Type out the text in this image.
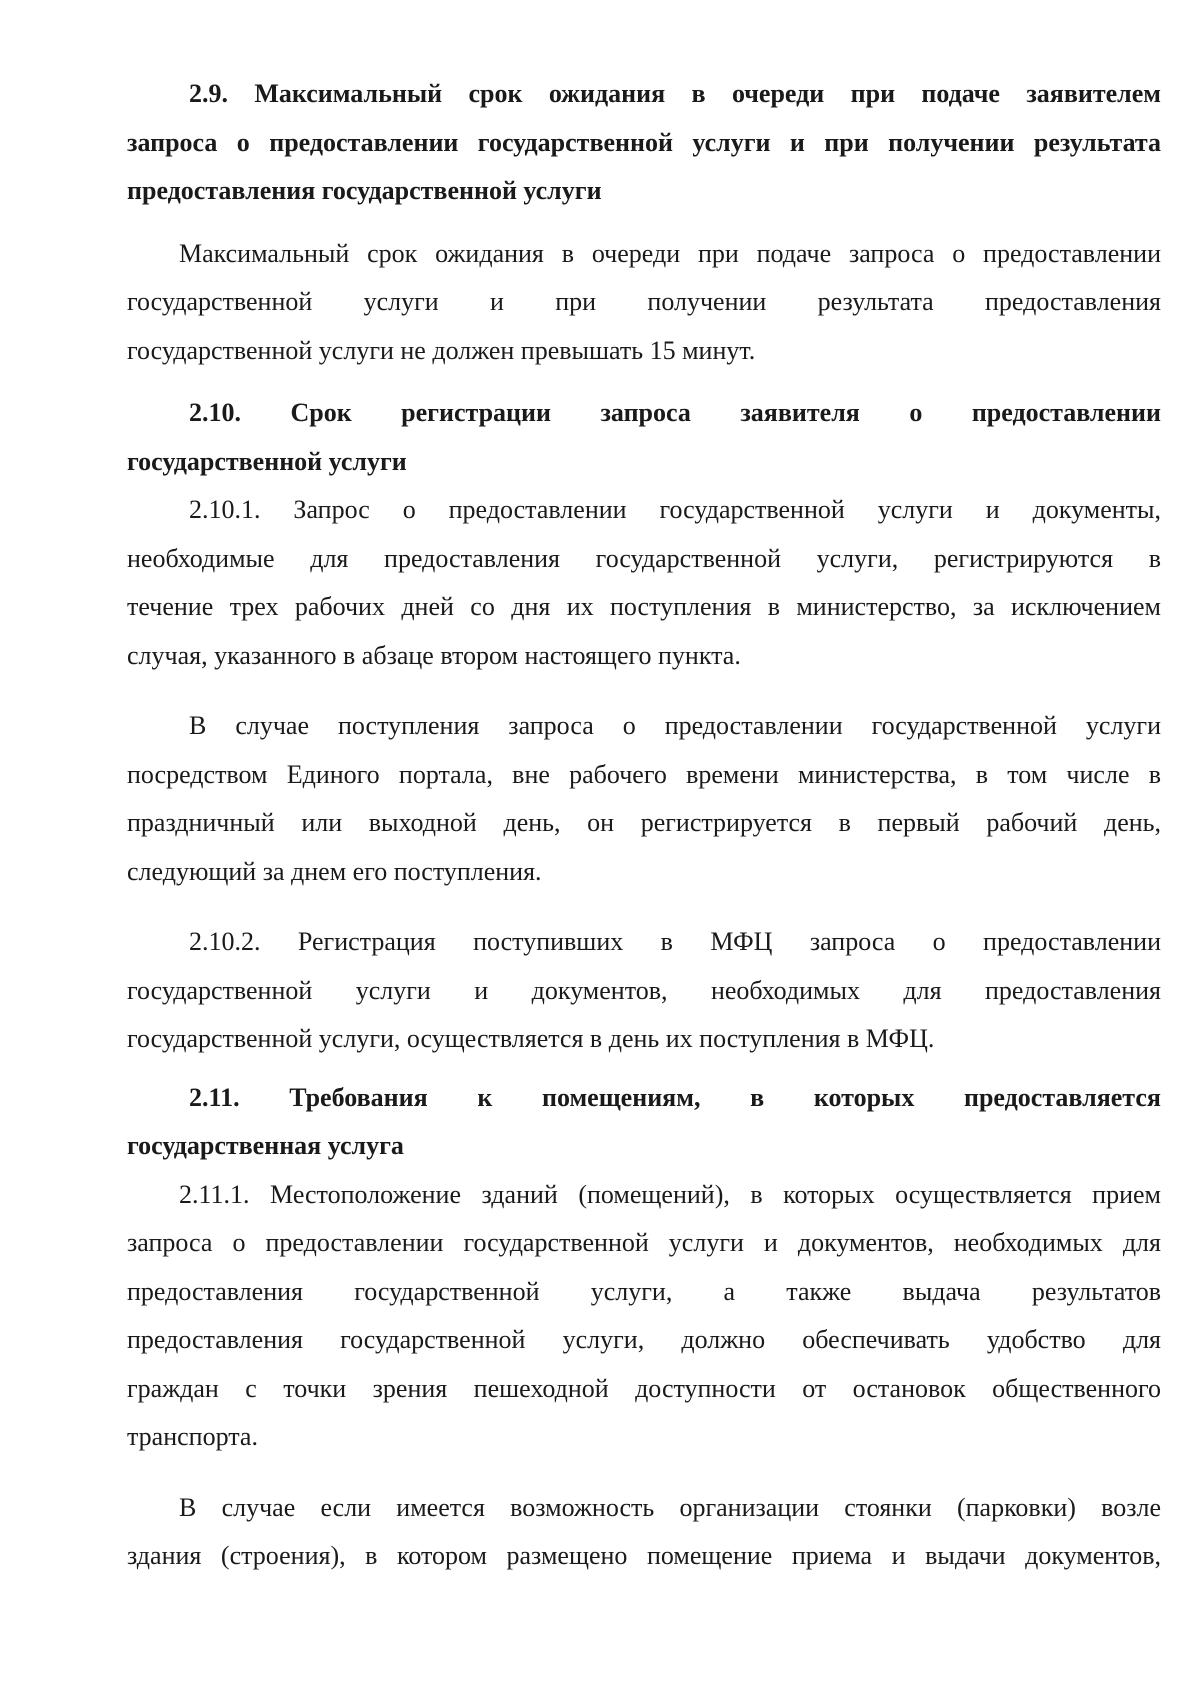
2.9. Максимальный срок ожидания в очереди при подаче заявителем
запроса о предоставлении государственной услуги и при получении результата
предоставления государственной услуги
Максимальный срок ожидания в очереди при подаче запроса о предоставлении
государственной услуги и при получении результата предоставления
государственной услуги не должен превышать 15 минут.
2.10. Срок регистрации запроса заявителя о предоставлении
государственной услуги
2.10.1. Запрос о предоставлении государственной услуги и документы,
необходимые для предоставления государственной услуги, регистрируются в
течение трех рабочих дней со дня их поступления в министерство, за исключением
случая, указанного в абзаце втором настоящего пункта.
В случае поступления запроса о предоставлении государственной услуги
посредством Единого портала, вне рабочего времени министерства, в том числе в
праздничный или выходной день, он регистрируется в первый рабочий день,
следующий за днем его поступления.
2.10.2. Регистрация поступивших в МФЦ запроса о предоставлении
государственной услуги и документов, необходимых для предоставления
государственной услуги, осуществляется в день их поступления в МФЦ.
2.11. Требования к помещениям, в которых предоставляется
государственная услуга
2.11.1. Местоположение зданий (помещений), в которых осуществляется прием
запроса о предоставлении государственной услуги и документов, необходимых для
предоставления государственной услуги, а также выдача результатов
предоставления государственной услуги, должно обеспечивать удобство для
граждан с точки зрения пешеходной доступности от остановок общественного
транспорта.
В случае если имеется возможность организации стоянки (парковки) возле
здания (строения), в котором размещено помещение приема и выдачи документов,
